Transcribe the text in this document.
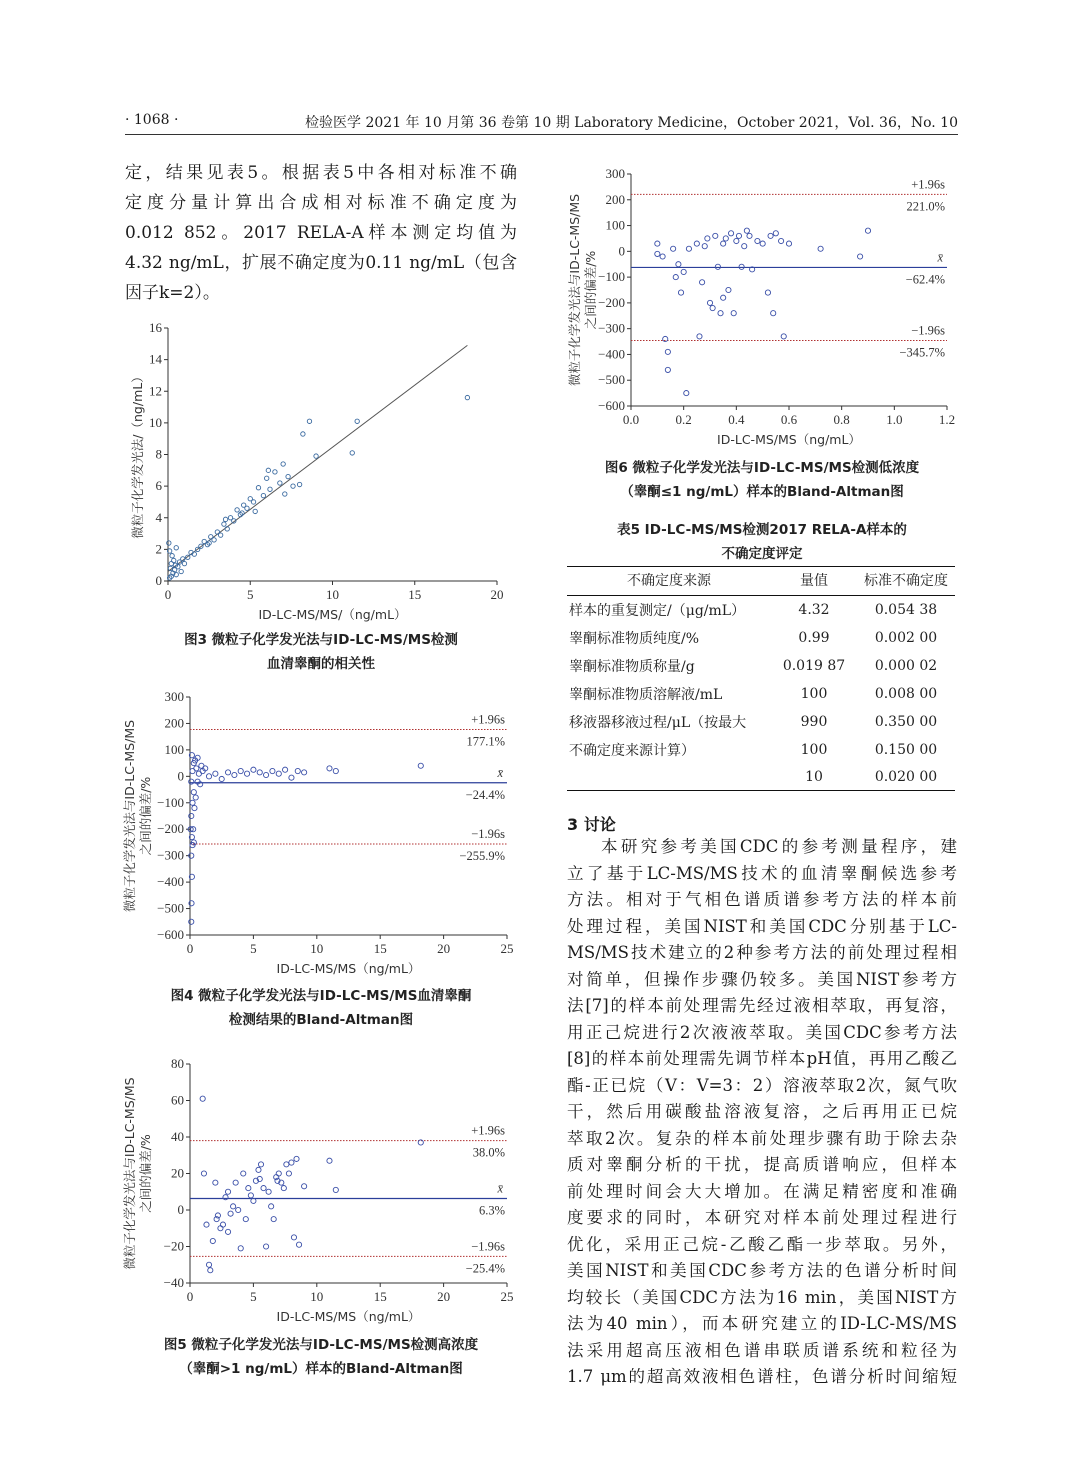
· 1068 ·	检验医学 2021 年 10 月第 36 卷第 10 期 Laboratory Medicine，October 2021，Vol. 36，No. 10
定，结果见表5。根据表5中各相对标准不确
定度分量计算出合成相对标准不确定度为
0.012 852。2017 RELA-A样本测定均值为
4.32 ng/mL，扩展不确定度为0.11 ng/mL（包含
因子k=2）。
0
2
4
6
8
10
12
14
16
0	5	10	15	20
ID-LC-MS/MS/（ng/mL）
微粒子化学发光法/（ng/mL）
图3 微粒子化学发光法与ID-LC-MS/MS检测
血清睾酮的相关性
−600
−500
−400
−300
−200
−100
0
100
200
300
0	5	10	15	20	25
ID-LC-MS/MS（ng/mL）
微粒子化学发光法与ID-LC-MS/MS 之间的偏差/%
+1.96s
177.1%
x̄
−24.4%
−1.96s
−255.9%
图4 微粒子化学发光法与ID-LC-MS/MS血清睾酮
检测结果的Bland-Altman图
−40
−20
0
20
40
60
80
0	5	10	15	20	25
ID-LC-MS/MS（ng/mL）
微粒子化学发光法与ID-LC-MS/MS 之间的偏差/%
+1.96s
38.0%
x̄
6.3%
−1.96s
−25.4%
图5 微粒子化学发光法与ID-LC-MS/MS检测高浓度
（睾酮>1 ng/mL）样本的Bland-Altman图
−600
−500
−400
−300
−200
−100
0
100
200
300
0.0	0.2	0.4	0.6	0.8	1.0	1.2
ID-LC-MS/MS（ng/mL）
微粒子化学发光法与ID-LC-MS/MS 之间的偏差/%
+1.96s
221.0%
x̄
−62.4%
−1.96s
−345.7%
图6 微粒子化学发光法与ID-LC-MS/MS检测低浓度
（睾酮≤1 ng/mL）样本的Bland-Altman图
表5 ID-LC-MS/MS检测2017 RELA-A样本的
不确定度评定
不确定度来源	量值	标准不确定度
样本的重复测定/（μg/mL）	4.32	0.054 38
睾酮标准物质纯度/%	0.99	0.002 00
睾酮标准物质称量/g	0.019 87	0.000 02
睾酮标准物质溶解液/mL	100	0.008 00
移液器移液过程/μL（按最大	990	0.350 00
不确定度来源计算）	100	0.150 00
	10	0.020 00
3 讨论
本研究参考美国CDC的参考测量程序，建
立了基于LC-MS/MS技术的血清睾酮候选参考
方法。相对于气相色谱质谱参考方法的样本前
处理过程，美国NIST和美国CDC分别基于LC-
MS/MS技术建立的2种参考方法的前处理过程相
对简单，但操作步骤仍较多。美国NIST参考方
法[7]的样本前处理需先经过液相萃取，再复溶，
用正己烷进行2次液液萃取。美国CDC参考方法
[8]的样本前处理需先调节样本pH值，再用乙酸乙
酯-正已烷（V：V=3：2）溶液萃取2次，氮气吹
干，然后用碳酸盐溶液复溶，之后再用正已烷
萃取2次。复杂的样本前处理步骤有助于除去杂
质对睾酮分析的干扰，提高质谱响应，但样本
前处理时间会大大增加。在满足精密度和准确
度要求的同时，本研究对样本前处理过程进行
优化，采用正己烷-乙酸乙酯一步萃取。另外，
美国NIST和美国CDC参考方法的色谱分析时间
均较长（美国CDC方法为16 min，美国NIST方
法为40 min），而本研究建立的ID-LC-MS/MS
法采用超高压液相色谱串联质谱系统和粒径为
1.7 μm的超高效液相色谱柱，色谱分析时间缩短
